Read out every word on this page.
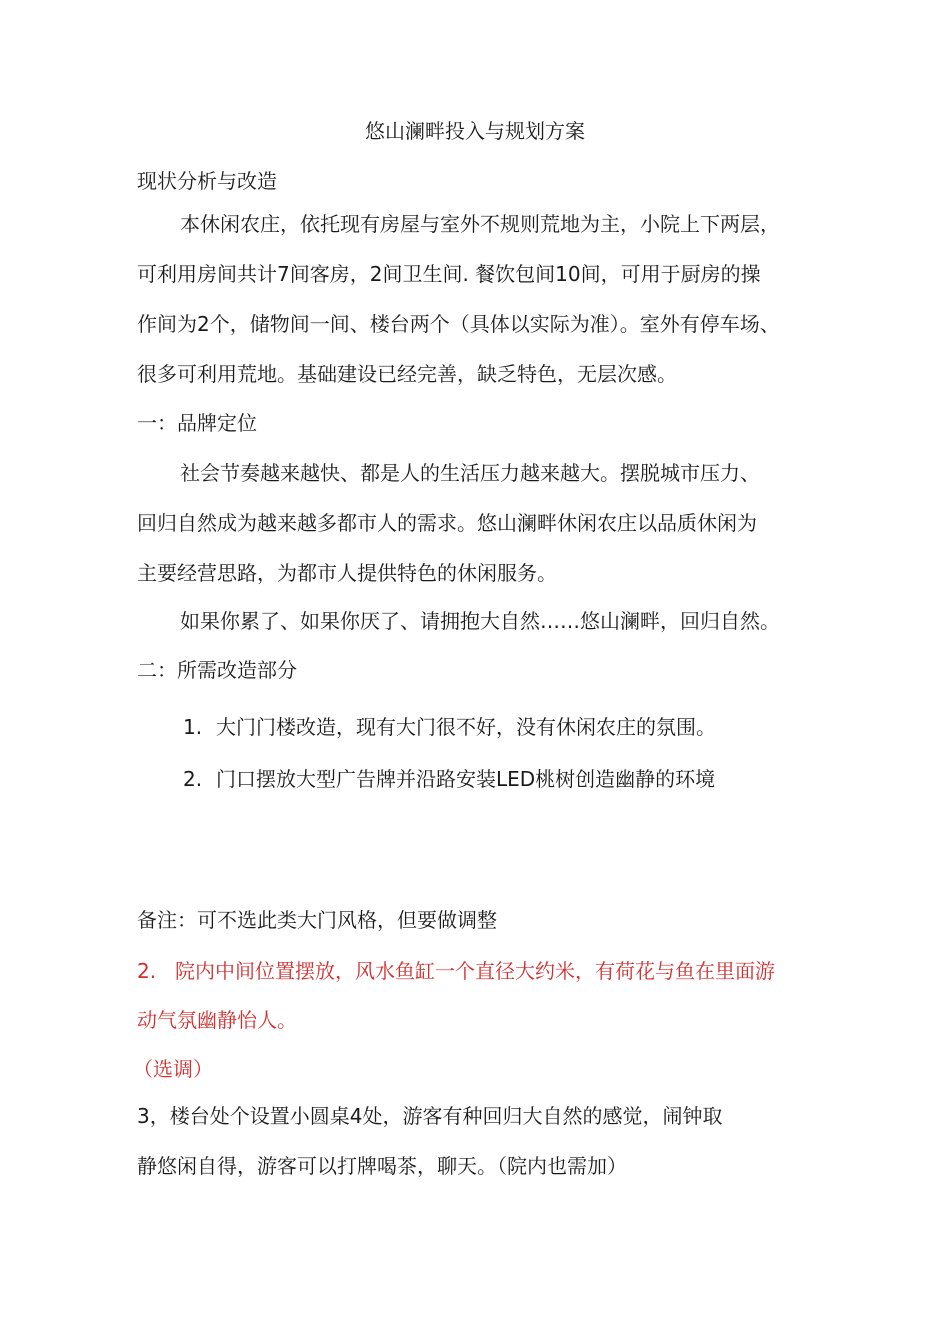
悠山澜畔投入与规划方案
现状分析与改造
本休闲农庄，依托现有房屋与室外不规则荒地为主，小院上下两层，
可利用房间共计7间客房，2间卫生间. 餐饮包间10间，可用于厨房的操
作间为2个，储物间一间、楼台两个（具体以实际为准）。室外有停车场、
很多可利用荒地。基础建设已经完善，缺乏特色，无层次感。
一：品牌定位
社会节奏越来越快、都是人的生活压力越来越大。摆脱城市压力、
回归自然成为越来越多都市人的需求。悠山澜畔休闲农庄以品质休闲为
主要经营思路，为都市人提供特色的休闲服务。
如果你累了、如果你厌了、请拥抱大自然……悠山澜畔，回归自然。
二：所需改造部分
1. 大门门楼改造，现有大门很不好，没有休闲农庄的氛围。
2. 门口摆放大型广告牌并沿路安装LED桃树创造幽静的环境
备注：可不选此类大门风格，但要做调整
2. 院内中间位置摆放，风水鱼缸一个直径大约米，有荷花与鱼在里面游
动气氛幽静怡人。
（选调）
3，楼台处个设置小圆桌4处，游客有种回归大自然的感觉，闹钟取
静悠闲自得，游客可以打牌喝茶，聊天。（院内也需加）
